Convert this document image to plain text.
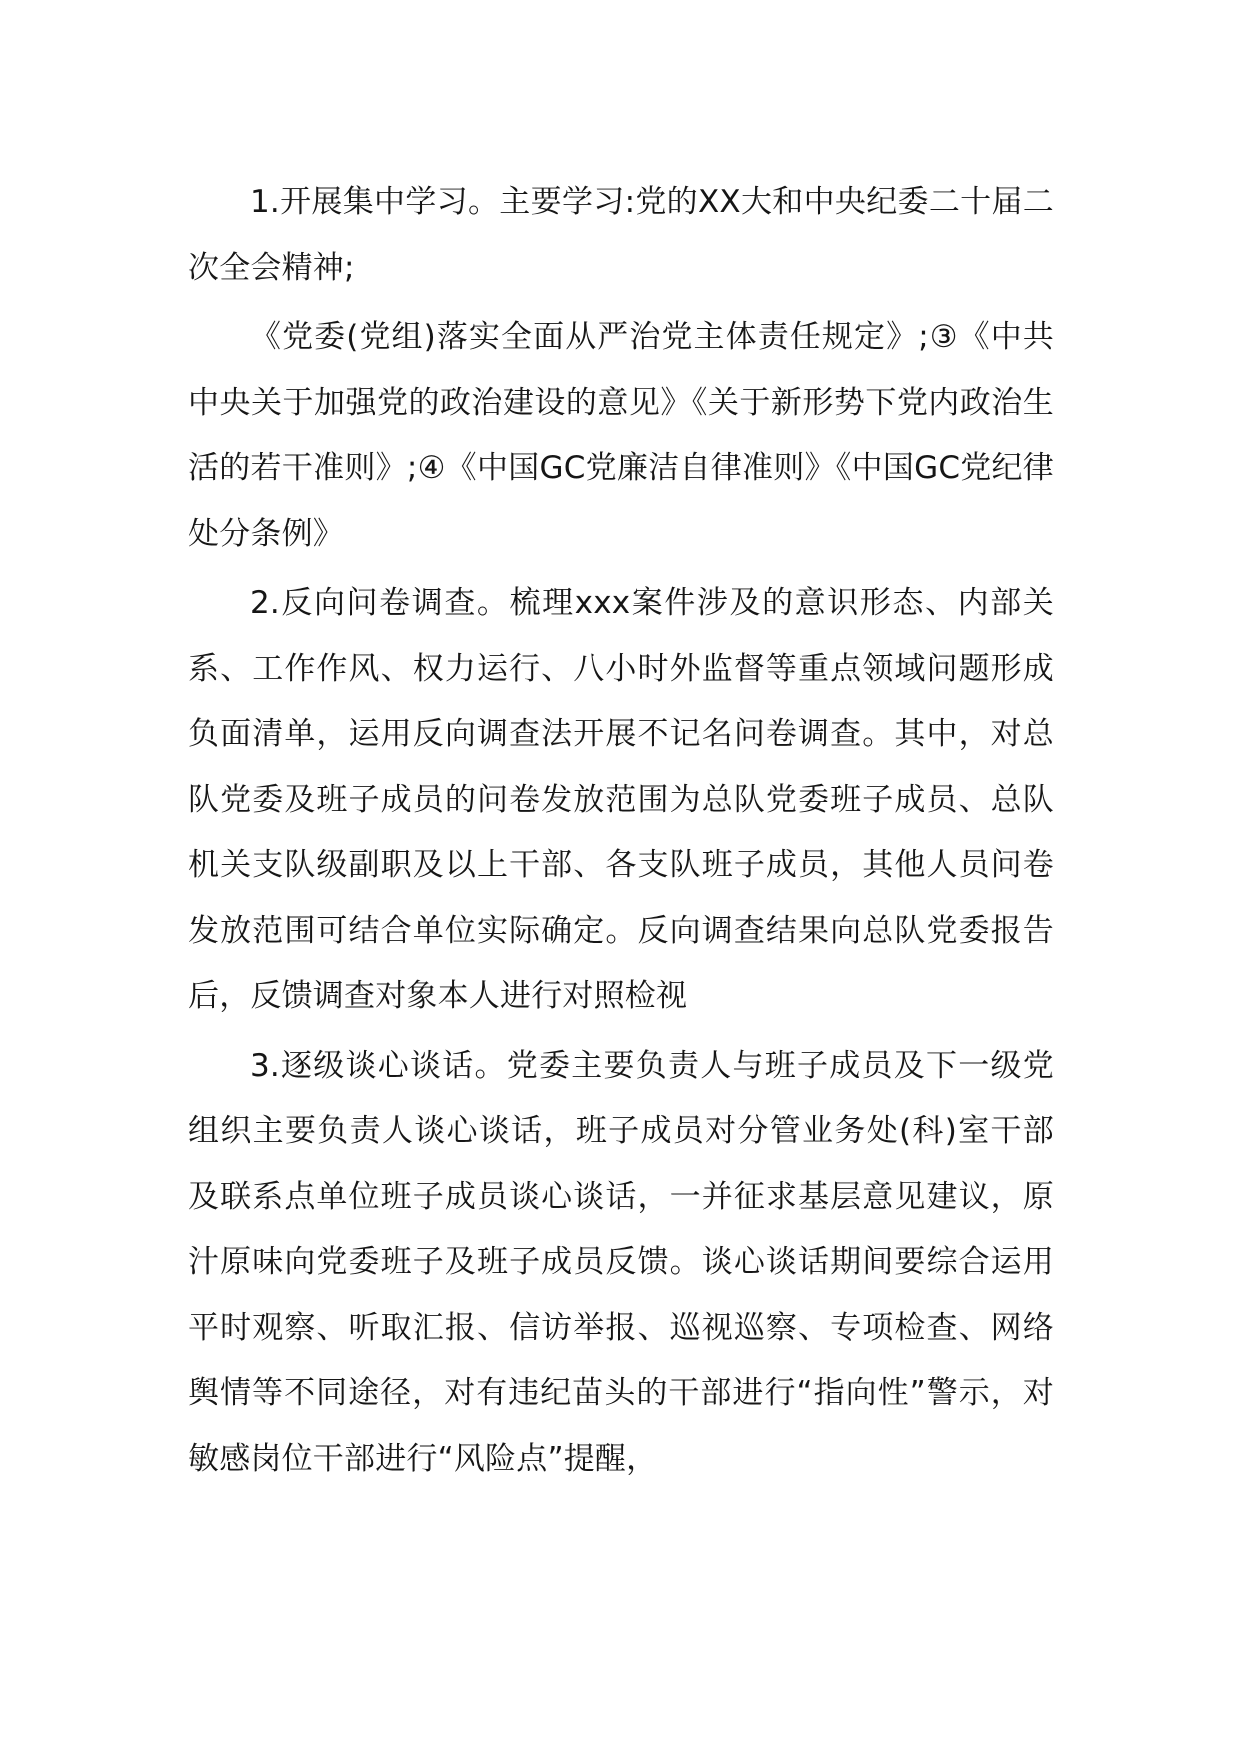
1.开展集中学习。主要学习:党的XX大和中央纪委二十届二次全会精神;

《党委(党组)落实全面从严治党主体责任规定》;③《中共中央关于加强党的政治建设的意见》《关于新形势下党内政治生活的若干准则》;④《中国GC党廉洁自律准则》《中国GC党纪律处分条例》

2.反向问卷调查。梳理xxx案件涉及的意识形态、内部关系、工作作风、权力运行、八小时外监督等重点领域问题形成负面清单，运用反向调查法开展不记名问卷调查。其中，对总队党委及班子成员的问卷发放范围为总队党委班子成员、总队机关支队级副职及以上干部、各支队班子成员，其他人员问卷发放范围可结合单位实际确定。反向调查结果向总队党委报告后，反馈调查对象本人进行对照检视

3.逐级谈心谈话。党委主要负责人与班子成员及下一级党组织主要负责人谈心谈话，班子成员对分管业务处(科)室干部及联系点单位班子成员谈心谈话，一并征求基层意见建议，原汁原味向党委班子及班子成员反馈。谈心谈话期间要综合运用平时观察、听取汇报、信访举报、巡视巡察、专项检查、网络舆情等不同途径，对有违纪苗头的干部进行“指向性”警示，对敏感岗位干部进行“风险点”提醒，
